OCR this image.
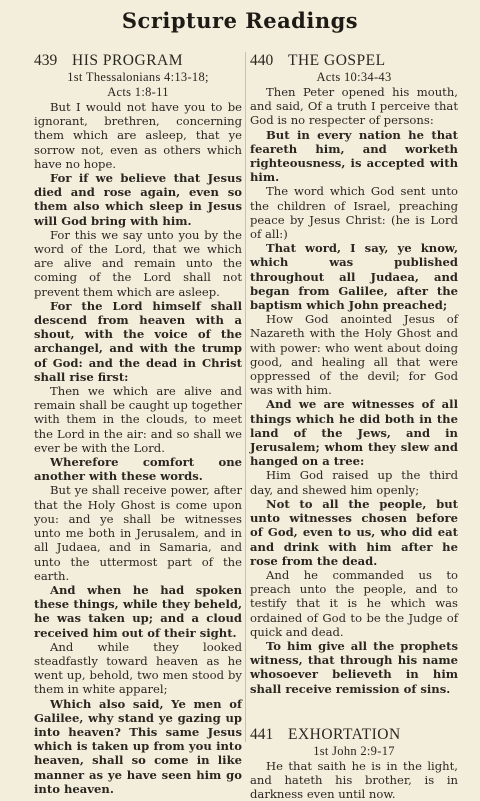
Scripture Readings
439 HIS PROGRAM
1st Thessalonians 4:13-18;
Acts 1:8-11

But I would not have you to be ignorant, brethren, concerning them which are asleep, that ye sorrow not, even as others which have no hope.

For if we believe that Jesus died and rose again, even so them also which sleep in Jesus will God bring with him.

For this we say unto you by the word of the Lord, that we which are alive and remain unto the coming of the Lord shall not prevent them which are asleep.

For the Lord himself shall descend from heaven with a shout, with the voice of the archangel, and with the trump of God: and the dead in Christ shall rise first:

Then we which are alive and remain shall be caught up together with them in the clouds, to meet the Lord in the air: and so shall we ever be with the Lord.

Wherefore comfort one another with these words.

But ye shall receive power, after that the Holy Ghost is come upon you: and ye shall be witnesses unto me both in Jerusalem, and in all Judaea, and in Samaria, and unto the uttermost part of the earth.

And when he had spoken these things, while they beheld, he was taken up; and a cloud received him out of their sight.

And while they looked steadfastly toward heaven as he went up, behold, two men stood by them in white apparel;

Which also said, Ye men of Galilee, why stand ye gazing up into heaven? This same Jesus which is taken up from you into heaven, shall so come in like manner as ye have seen him go into heaven.

440 THE GOSPEL
Acts 10:34-43

Then Peter opened his mouth, and said, Of a truth I perceive that God is no respecter of persons:

But in every nation he that feareth him, and worketh righteousness, is accepted with him.

The word which God sent unto the children of Israel, preaching peace by Jesus Christ: (he is Lord of all:)

That word, I say, ye know, which was published throughout all Judaea, and began from Galilee, after the baptism which John preached;

How God anointed Jesus of Nazareth with the Holy Ghost and with power: who went about doing good, and healing all that were oppressed of the devil; for God was with him.

And we are witnesses of all things which he did both in the land of the Jews, and in Jerusalem; whom they slew and hanged on a tree:

Him God raised up the third day, and shewed him openly;

Not to all the people, but unto witnesses chosen before of God, even to us, who did eat and drink with him after he rose from the dead.

And he commanded us to preach unto the people, and to testify that it is he which was ordained of God to be the Judge of quick and dead.

To him give all the prophets witness, that through his name whosoever believeth in him shall receive remission of sins.

441 EXHORTATION
1st John 2:9-17

He that saith he is in the light, and hateth his brother, is in darkness even until now.
